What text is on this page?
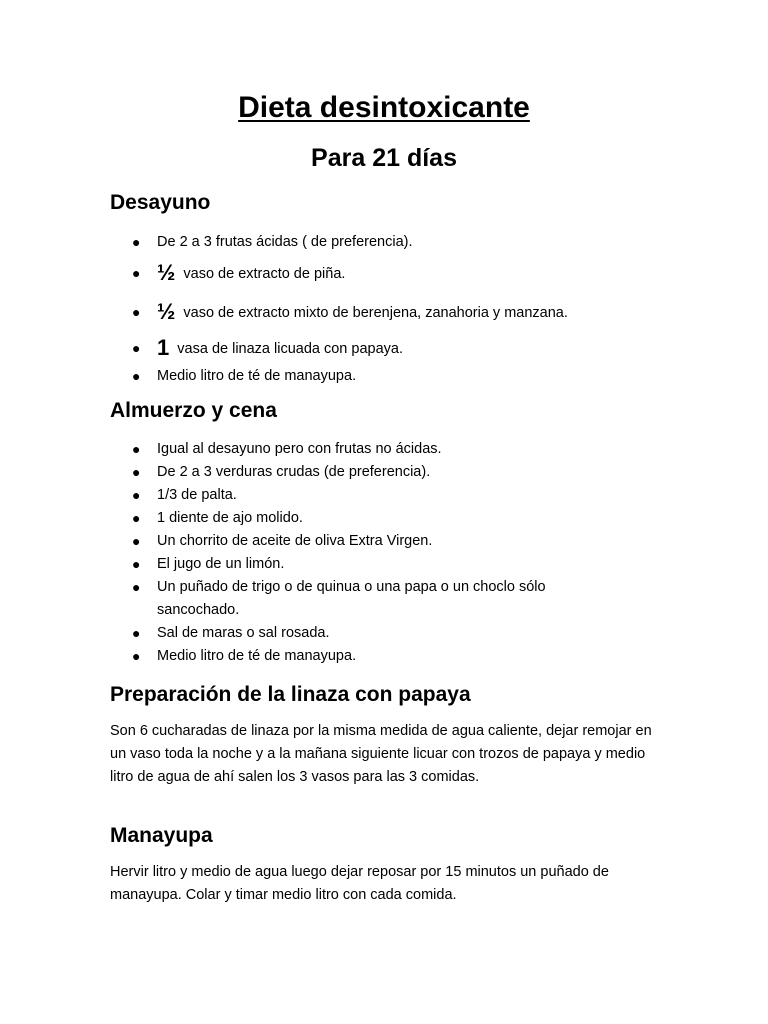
Dieta desintoxicante
Para 21 días
Desayuno
● De 2 a 3 frutas ácidas ( de preferencia).
● ½ vaso de extracto de piña.
● ½ vaso de extracto mixto de berenjena, zanahoria y manzana.
● 1 vasa de linaza licuada con papaya.
● Medio litro de té de manayupa.
Almuerzo y cena
● Igual al desayuno pero con frutas no ácidas.
● De 2 a 3 verduras crudas (de preferencia).
● 1/3 de palta.
● 1 diente de ajo molido.
● Un chorrito de aceite de oliva Extra Virgen.
● El jugo de un limón.
● Un puñado de trigo o de quinua o una papa o un choclo sólo sancochado.
● Sal de maras o sal rosada.
● Medio litro de té de manayupa.
Preparación de la linaza con papaya

Son 6 cucharadas de linaza por la misma medida de agua caliente, dejar remojar en un vaso toda la noche y a la mañana siguiente licuar con trozos de papaya y medio litro de agua de ahí salen los 3 vasos para las 3 comidas.

Manayupa

Hervir litro y medio de agua luego dejar reposar por 15 minutos un puñado de manayupa. Colar y timar medio litro con cada comida.
